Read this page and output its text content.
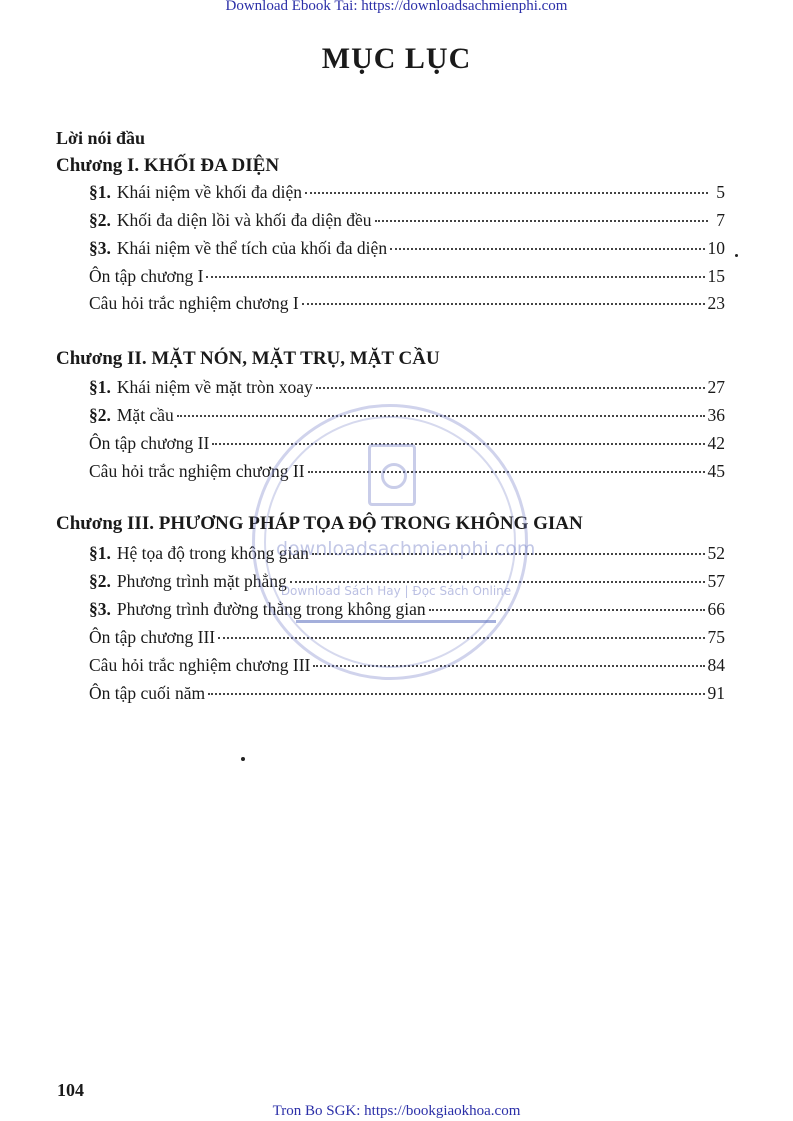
Download Ebook Tai: https://downloadsachmienphi.com
MỤC LỤC
Lời nói đầu
Chương I. KHỐI ĐA DIỆN
§1. Khái niệm về khối đa diện	5
§2. Khối đa diện lồi và khối đa diện đều	7
§3. Khái niệm về thể tích của khối đa diện	10
Ôn tập chương I	15
Câu hỏi trắc nghiệm chương I	23
Chương II. MẶT NÓN, MẶT TRỤ, MẶT CẦU
§1. Khái niệm về mặt tròn xoay	27
§2. Mặt cầu	36
Ôn tập chương II	42
Câu hỏi trắc nghiệm chương II	45
Chương III. PHƯƠNG PHÁP TỌA ĐỘ TRONG KHÔNG GIAN
§1. Hệ tọa độ trong không gian	52
§2. Phương trình mặt phẳng	57
§3. Phương trình đường thẳng trong không gian	66
Ôn tập chương III	75
Câu hỏi trắc nghiệm chương III	84
Ôn tập cuối năm	91
downloadsachmienphi.com
Download Sách Hay | Đọc Sách Online
104
Tron Bo SGK: https://bookgiaokhoa.com
